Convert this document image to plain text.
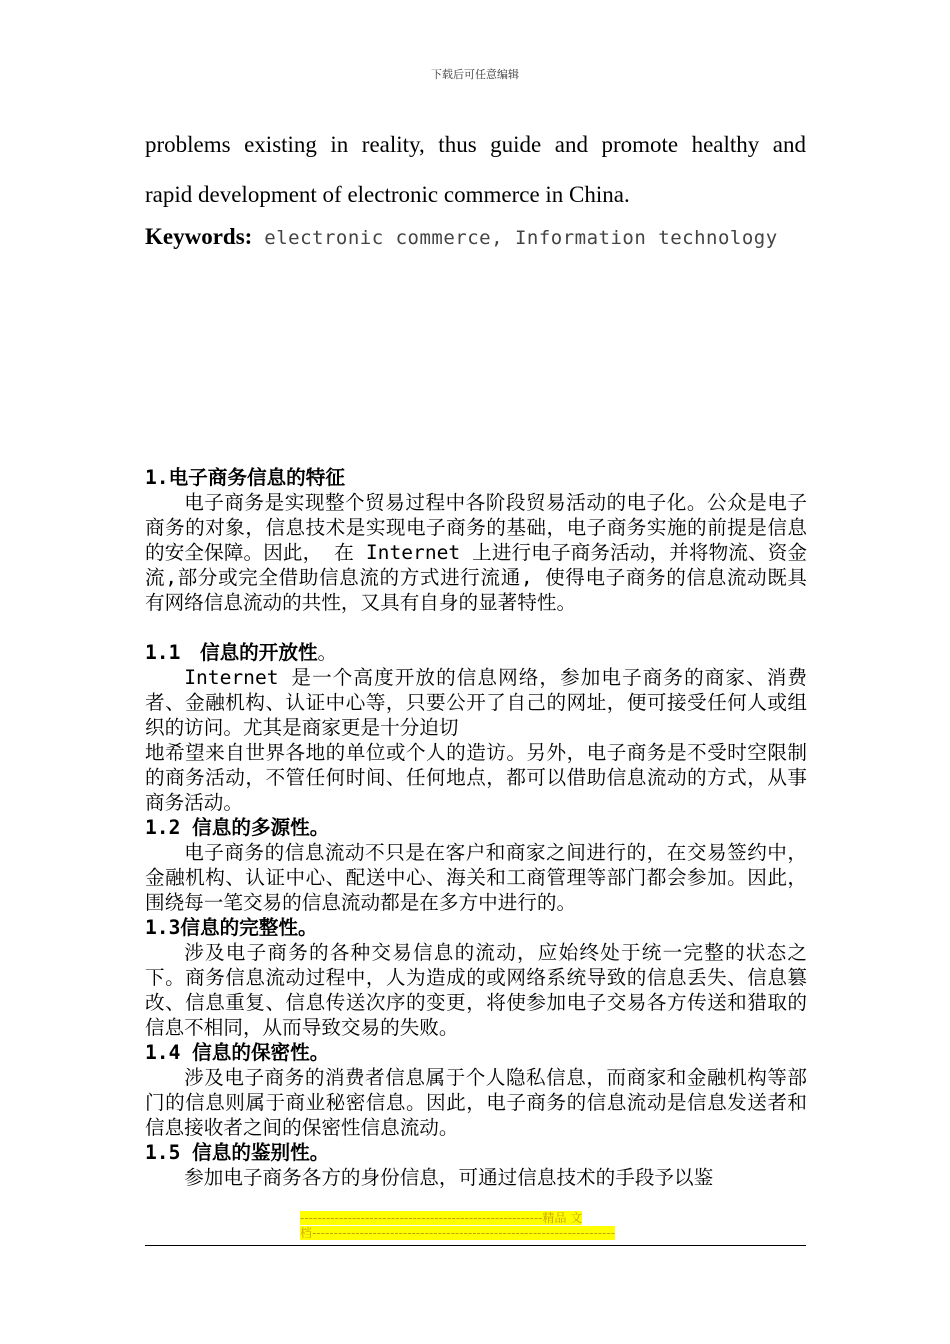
下载后可任意编辑

problems existing in reality, thus guide and promote healthy and

rapid development of electronic commerce in China.

Keywords: electronic commerce, Information technology

1.电子商务信息的特征

电子商务是实现整个贸易过程中各阶段贸易活动的电子化。公众是电子商务的对象，信息技术是实现电子商务的基础，电子商务实施的前提是信息的安全保障。因此， 在 Internet 上进行电子商务活动，并将物流、资金流,部分或完全借助信息流的方式进行流通, 使得电子商务的信息流动既具有网络信息流动的共性，又具有自身的显著特性。

1.1　信息的开放性。

Internet 是一个高度开放的信息网络，参加电子商务的商家、消费者、金融机构、认证中心等，只要公开了自己的网址，便可接受任何人或组织的访问。尤其是商家更是十分迫切

地希望来自世界各地的单位或个人的造访。另外，电子商务是不受时空限制的商务活动，不管任何时间、任何地点，都可以借助信息流动的方式，从事商务活动。

1.2 信息的多源性。

电子商务的信息流动不只是在客户和商家之间进行的，在交易签约中，金融机构、认证中心、配送中心、海关和工商管理等部门都会参加。因此，围绕每一笔交易的信息流动都是在多方中进行的。

1.3信息的完整性。

涉及电子商务的各种交易信息的流动，应始终处于统一完整的状态之下。商务信息流动过程中，人为造成的或网络系统导致的信息丢失、信息篡改、信息重复、信息传送次序的变更，将使参加电子交易各方传送和猎取的信息不相同，从而导致交易的失败。

1.4 信息的保密性。

涉及电子商务的消费者信息属于个人隐私信息，而商家和金融机构等部门的信息则属于商业秘密信息。因此，电子商务的信息流动是信息发送者和信息接收者之间的保密性信息流动。

1.5 信息的鉴别性。

参加电子商务各方的身份信息，可通过信息技术的手段予以鉴

--------------------------------------------------------精品 文
档----------------------------------------------------------------------
